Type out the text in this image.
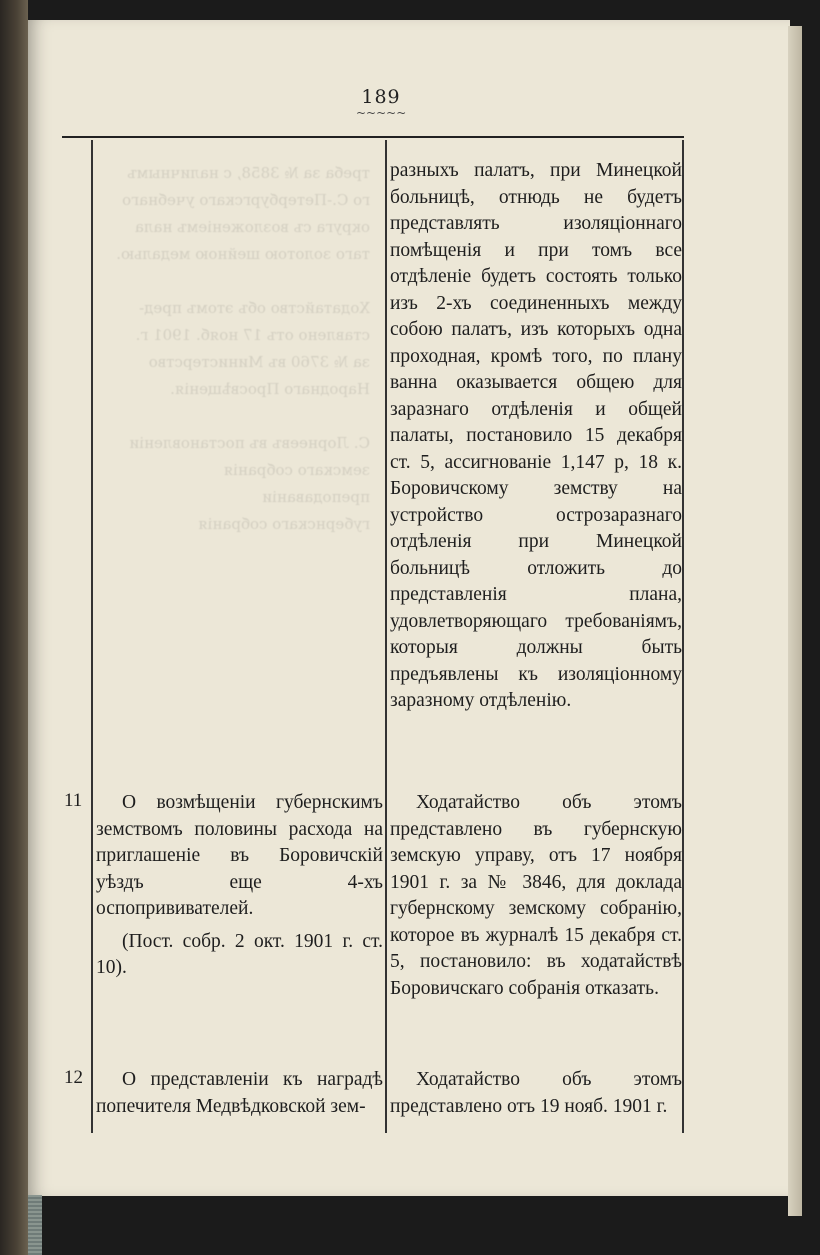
189
~~~~~
треба за № 3858, с наличнымъ
го С.-Петербургскаго учебнаго
округа съ возложенiемъ нала
таго золотою шейною медалью.

Ходатайство объ этомъ пред-
ставлено отъ 17 нояб. 1901 г.
за № 3760 въ Министерство
Народнаго Просвѣщенiя.

С. Лорнеевъ въ постановленiи
земскаго собранiя
преподаванiи
губернскаго собранiя

разныхъ палатъ, при Минецкой больницѣ, отнюдь не будетъ представлять изоляцiоннаго помѣщенiя и при томъ все отдѣленiе будетъ состоять только изъ 2-хъ соединенныхъ между собою палатъ, изъ которыхъ одна проходная, кромѣ того, по плану ванна оказывается общею для заразнаго отдѣленiя и общей палаты, постановило 15 декабря ст. 5, ассигнованiе 1,147 р, 18 к. Боровичскому земству на устройство острозаразнаго отдѣленiя при Минецкой больницѣ отложить до представленiя плана, удовлетворяющаго требованiямъ, которыя должны быть предъявлены къ изоляцiонному заразному отдѣленiю.

11	О возмѣщенiи губернскимъ земствомъ половины расхода на приглашенiе въ Боровичскiй уѣздъ еще 4-хъ оспопрививателей.

(Пост. собр. 2 окт. 1901 г. ст. 10).

Ходатайство объ этомъ представлено въ губернскую земскую управу, отъ 17 ноября 1901 г. за № 3846, для доклада губернскому земскому собранiю, которое въ журналѣ 15 декабря ст. 5, постановило: въ ходатайствѣ Боровичскаго собранiя отказать.

12	О представленiи къ наградѣ попечителя Медвѣдковской зем-

Ходатайство объ этомъ представлено отъ 19 нояб. 1901 г.
